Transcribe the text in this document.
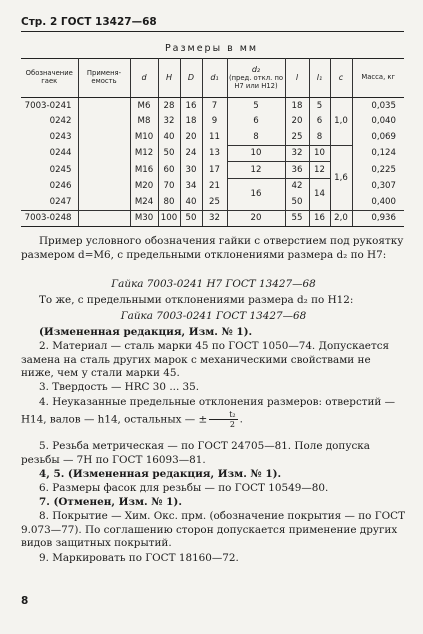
Стр. 2 ГОСТ 13427—68
Размеры в мм
Обозначение гаек	Применяемость	d	H	D	d₁	d₂
(пред. откл. по H7 или H12)	l	l₁	c	Масса, кг
7003-0241		М6	28	16	7	5	18	5	1,0	0,035
0242		М8	32	18	9	6	20	6		0,040
0243		М10	40	20	11	8	25	8		0,069
0244		М12	50	24	13	10	32	10	1,6	0,124
0245		М16	60	30	17	12	36	12		0,225
0246		М20	70	34	21	16	42	14		0,307
0247		М24	80	40	25		50			0,400
7003-0248		М30	100	50	32	20	55	16	2,0	0,936
Пример условного обозначения гайки с отверстием под рукоятку размером d=М6, с предельными отклонениями размера d₂ по Н7:
Гайка 7003-0241 Н7 ГОСТ 13427—68
То же, с предельными отклонениями размера d₂ по Н12:
Гайка 7003-0241 ГОСТ 13427—68
(Измененная редакция, Изм. № 1).
2. Материал — сталь марки 45 по ГОСТ 1050—74. Допускается замена на сталь других марок с механическими свойствами не ниже, чем у стали марки 45.
3. Твердость — HRC 30 ... 35.
4. Неуказанные предельные отклонения размеров: отверстий — Н14, валов — h14, остальных — ± $\frac{\text{t₂}}{2}$ .
5. Резьба метрическая — по ГОСТ 24705—81. Поле допуска резьбы — 7Н по ГОСТ 16093—81.
4, 5. (Измененная редакция, Изм. № 1).
6. Размеры фасок для резьбы — по ГОСТ 10549—80.
7. (Отменен, Изм. № 1).
8. Покрытие — Хим. Окс. прм. (обозначение покрытия — по ГОСТ 9.073—77). По соглашению сторон допускается применение других видов защитных покрытий.
9. Маркировать по ГОСТ 18160—72.
8
